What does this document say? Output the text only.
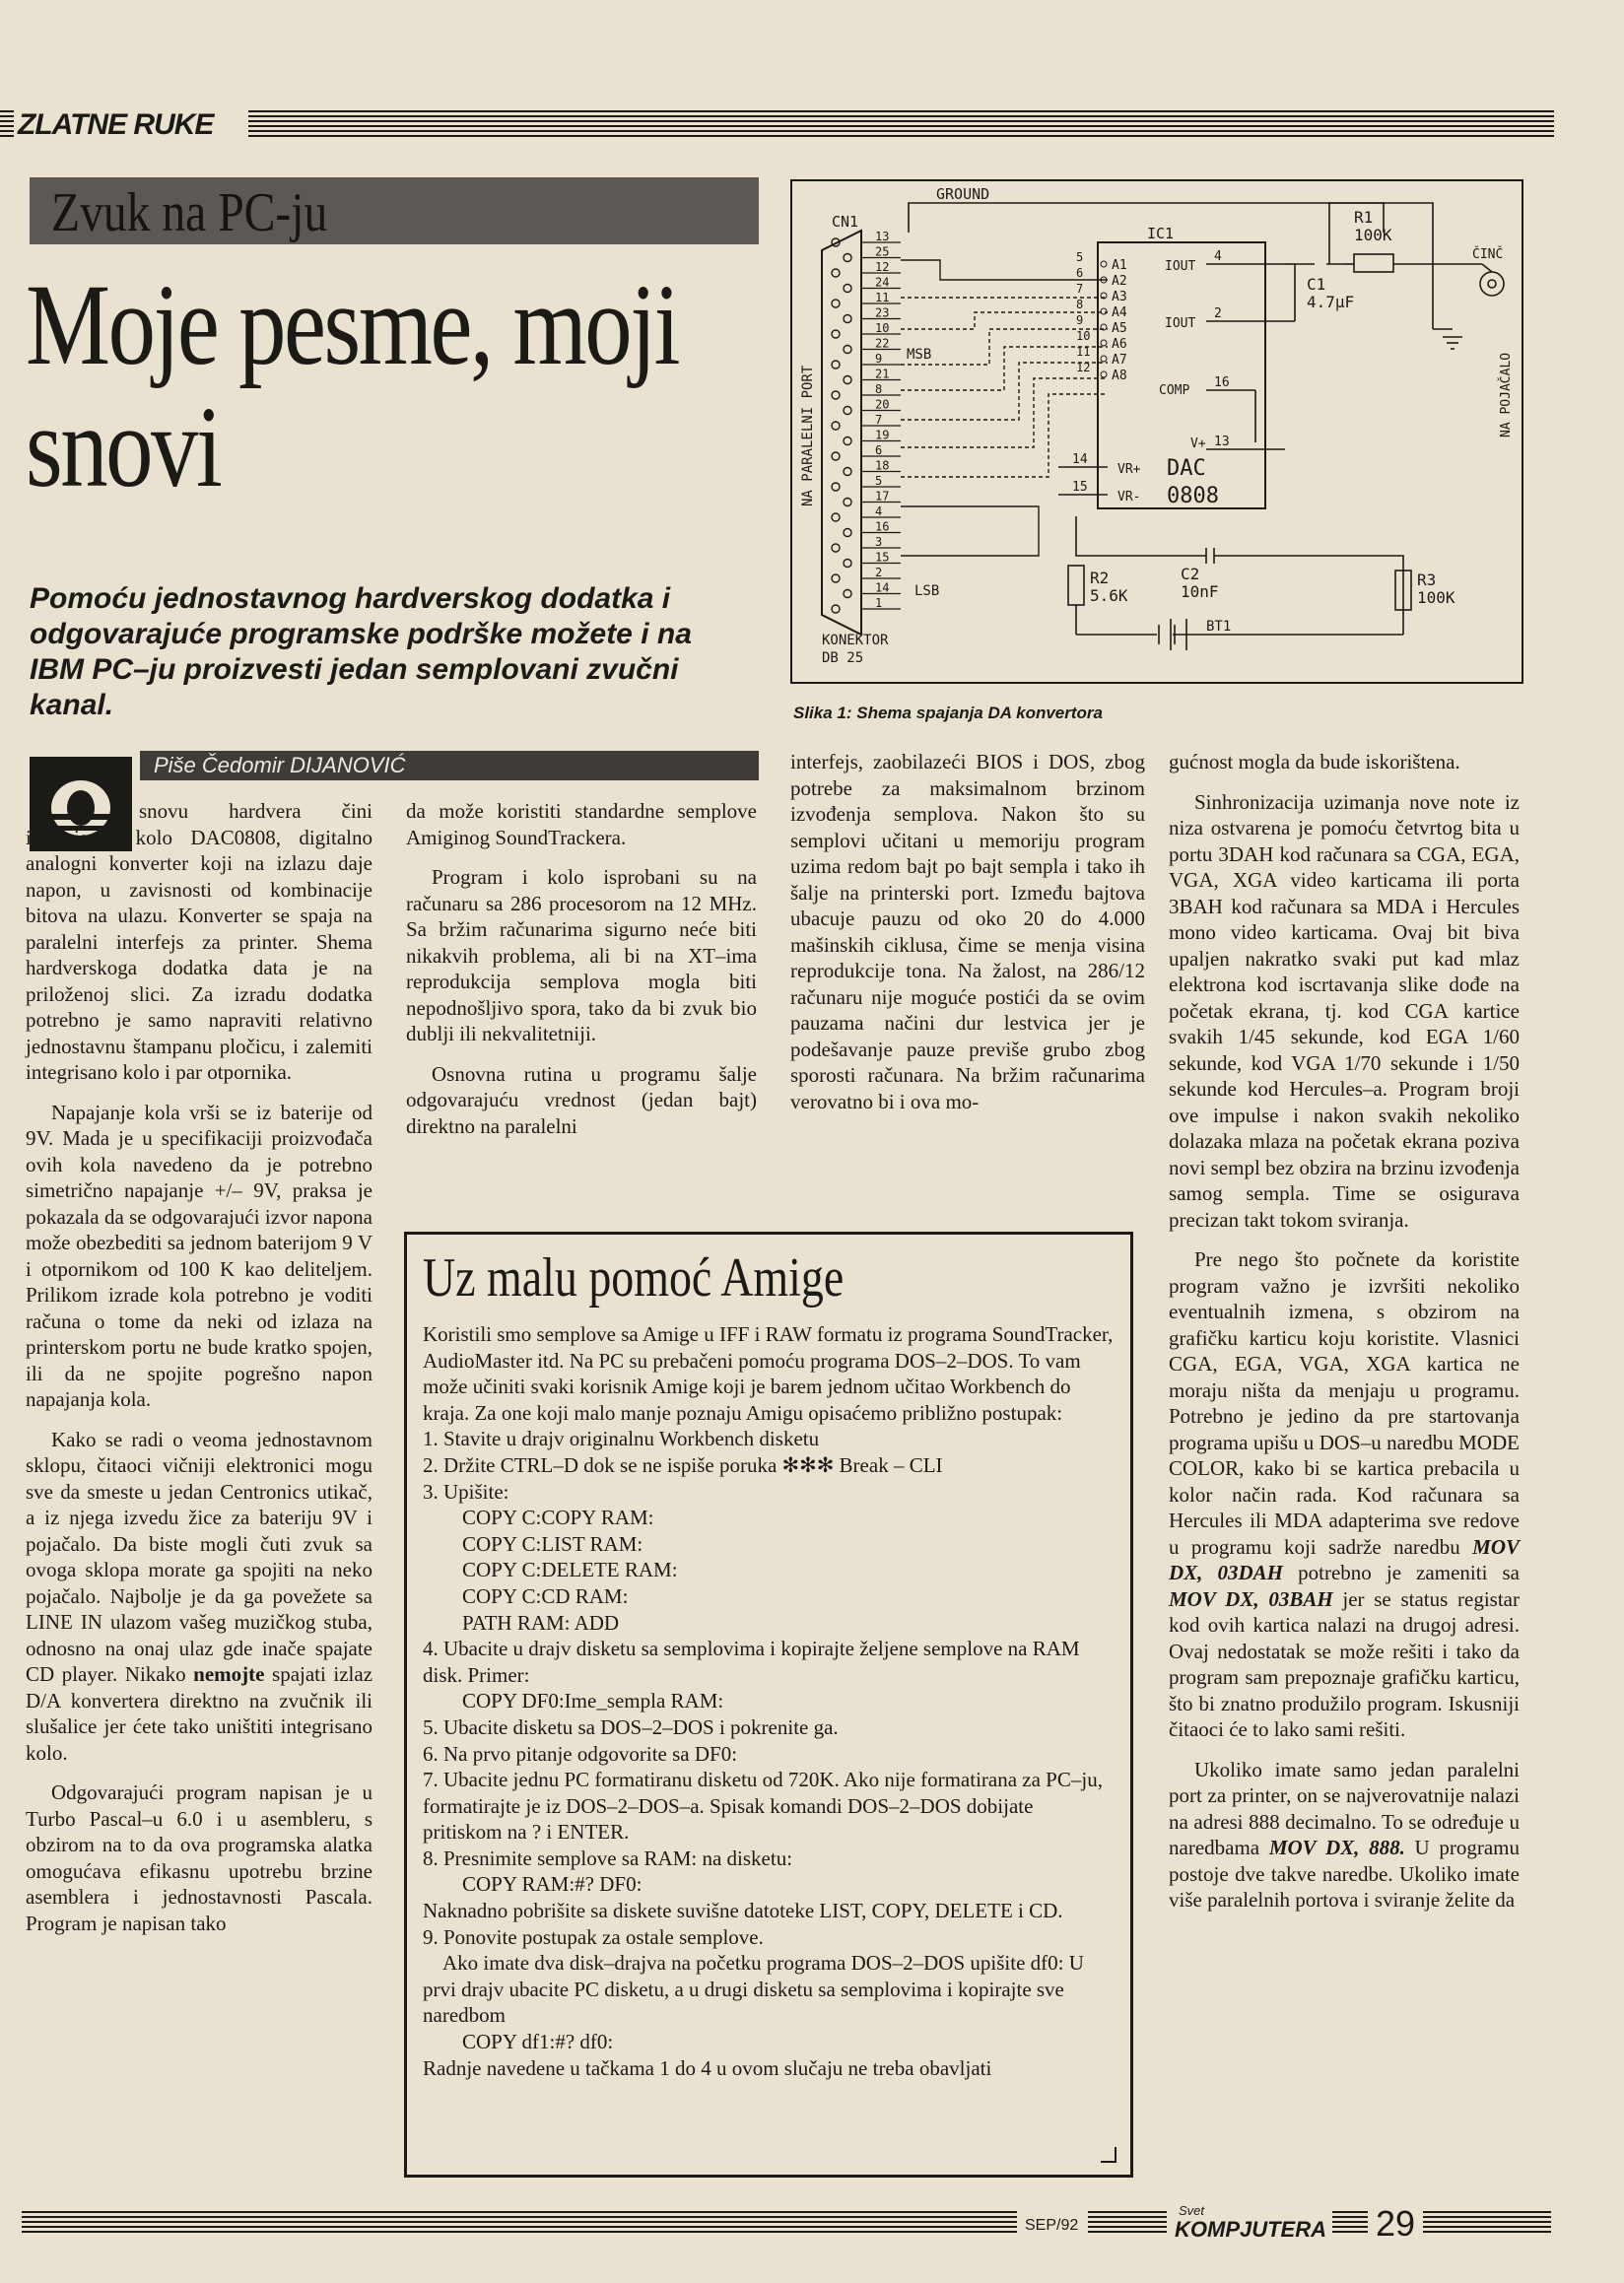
ZLATNE RUKE
Zvuk na PC-ju
Moje pesme, moji
snovi
Pomoću jednostavnog hardverskog dodatka i odgovarajuće programske podrške možete i na IBM PC–ju proizvesti jedan semplovani zvučni kanal.
Piše Čedomir DIJANOVIĆ

snovu hardvera čini integrisano kolo DAC0808, digitalno analogni konverter koji na izlazu daje napon, u zavisnosti od kombinacije bitova na ulazu. Konverter se spaja na paralelni interfejs za printer. Shema hardverskoga dodatka data je na priloženoj slici. Za izradu dodatka potrebno je samo napraviti relativno jednostavnu štampanu pločicu, i zalemiti integrisano kolo i par otpornika.

Napajanje kola vrši se iz baterije od 9V. Mada je u specifikaciji proizvođača ovih kola navedeno da je potrebno simetrično napajanje +/– 9V, praksa je pokazala da se odgovarajući izvor napona može obezbediti sa jednom baterijom 9 V i otpornikom od 100 K kao deliteljem. Prilikom izrade kola potrebno je voditi računa o tome da neki od izlaza na printerskom portu ne bude kratko spojen, ili da ne spojite pogrešno napon napajanja kola.

Kako se radi o veoma jednostavnom sklopu, čitaoci vičniji elektronici mogu sve da smeste u jedan Centronics utikač, a iz njega izvedu žice za bateriju 9V i pojačalo. Da biste mogli čuti zvuk sa ovoga sklopa morate ga spojiti na neko pojačalo. Najbolje je da ga povežete sa LINE IN ulazom vašeg muzičkog stuba, odnosno na onaj ulaz gde inače spajate CD player. Nikako nemojte spajati izlaz D/A konvertera direktno na zvučnik ili slušalice jer ćete tako uništiti integrisano kolo.

Odgovarajući program napisan je u Turbo Pascal–u 6.0 i u asembleru, s obzirom na to da ova programska alatka omogućava efikasnu upotrebu brzine asemblera i jednostavnosti Pascala. Program je napisan tako

da može koristiti standardne semplove Amiginog SoundTrackera.

Program i kolo isprobani su na računaru sa 286 procesorom na 12 MHz. Sa bržim računarima sigurno neće biti nikakvih problema, ali bi na XT–ima reprodukcija semplova mogla biti nepodnošljivo spora, tako da bi zvuk bio dublji ili nekvalitetniji.

Osnovna rutina u programu šalje odgovarajuću vrednost (jedan bajt) direktno na paralelni

interfejs, zaobilazeći BIOS i DOS, zbog potrebe za maksimalnom brzinom izvođenja semplova. Nakon što su semplovi učitani u memoriju program uzima redom bajt po bajt sempla i tako ih šalje na printerski port. Između bajtova ubacuje pauzu od oko 20 do 4.000 mašinskih ciklusa, čime se menja visina reprodukcije tona. Na žalost, na 286/12 računaru nije moguće postići da se ovim pauzama načini dur lestvica jer je podešavanje pauze previše grubo zbog sporosti računara. Na bržim računarima verovatno bi i ova mo-

gućnost mogla da bude iskorištena.

Sinhronizacija uzimanja nove note iz niza ostvarena je pomoću četvrtog bita u portu 3DAH kod računara sa CGA, EGA, VGA, XGA video karticama ili porta 3BAH kod računara sa MDA i Hercules mono video karticama. Ovaj bit biva upaljen nakratko svaki put kad mlaz elektrona kod iscrtavanja slike dođe na početak ekrana, tj. kod CGA kartice svakih 1/45 sekunde, kod EGA 1/60 sekunde, kod VGA 1/70 sekunde i 1/50 sekunde kod Hercules–a. Program broji ove impulse i nakon svakih nekoliko dolazaka mlaza na početak ekrana poziva novi sempl bez obzira na brzinu izvođenja samog sempla. Time se osigurava precizan takt tokom sviranja.

Pre nego što počnete da koristite program važno je izvršiti nekoliko eventualnih izmena, s obzirom na grafičku karticu koju koristite. Vlasnici CGA, EGA, VGA, XGA kartica ne moraju ništa da menjaju u programu. Potrebno je jedino da pre startovanja programa upišu u DOS–u naredbu MODE COLOR, kako bi se kartica prebacila u kolor način rada. Kod računara sa Hercules ili MDA adapterima sve redove u programu koji sadrže naredbu MOV DX, 03DAH potrebno je zameniti sa MOV DX, 03BAH jer se status registar kod ovih kartica nalazi na drugoj adresi. Ovaj nedostatak se može rešiti i tako da program sam prepoznaje grafičku karticu, što bi znatno produžilo program. Iskusniji čitaoci će to lako sami rešiti.

Ukoliko imate samo jedan paralelni port za printer, on se najverovatnije nalazi na adresi 888 decimalno. To se određuje u naredbama MOV DX, 888. U programu postoje dve takve naredbe. Ukoliko imate više paralelnih portova i sviranje želite da

13
25
12
24
11
23
10
22
9
21
8
20
7
19
6
18
5
17
4
16
3
15
2
14
1
5
A1
6
A2
7
A3
8
A4
9
A5
10
A6
11
A7
12
A8
CN1
GROUND
IC1
NA PARALELNI PORT
MSB
LSB
KONEKTOR
DB 25
IOUT
IOUT
COMP
V+
VR+
VR-
DAC
0808
4
2
16
13
14
15
R1
100K
C1
4.7µF
ČINČ
NA POJAČALO
R2
5.6K
C2
10nF
R3
100K
BT1
Slika 1: Shema spajanja DA konvertora
Uz malu pomoć Amige
Koristili smo semplove sa Amige u IFF i RAW formatu iz programa SoundTracker, AudioMaster itd. Na PC su prebačeni pomoću programa DOS–2–DOS. To vam može učiniti svaki korisnik Amige koji je barem jednom učitao Workbench do kraja. Za one koji malo manje poznaju Amigu opisaćemo približno postupak:
1. Stavite u drajv originalnu Workbench disketu
2. Držite CTRL–D dok se ne ispiše poruka ✻✻✻ Break – CLI
3. Upišite:
COPY C:COPY RAM:
COPY C:LIST RAM:
COPY C:DELETE RAM:
COPY C:CD RAM:
PATH RAM: ADD
4. Ubacite u drajv disketu sa semplovima i kopirajte željene semplove na RAM disk. Primer:
COPY DF0:Ime_sempla RAM:
5. Ubacite disketu sa DOS–2–DOS i pokrenite ga.
6. Na prvo pitanje odgovorite sa DF0:
7. Ubacite jednu PC formatiranu disketu od 720K. Ako nije formatirana za PC–ju, formatirajte je iz DOS–2–DOS–a. Spisak komandi DOS–2–DOS dobijate pritiskom na ? i ENTER.
8. Presnimite semplove sa RAM: na disketu:
COPY RAM:#? DF0:
Naknadno pobrišite sa diskete suvišne datoteke LIST, COPY, DELETE i CD.
9. Ponovite postupak za ostale semplove.
Ako imate dva disk–drajva na početku programa DOS–2–DOS upišite df0: U prvi drajv ubacite PC disketu, a u drugi disketu sa semplovima i kopirajte sve naredbom
COPY df1:#? df0:
Radnje navedene u tačkama 1 do 4 u ovom slučaju ne treba obavljati
SEP/92
Svet
KOMPJUTERA 29
